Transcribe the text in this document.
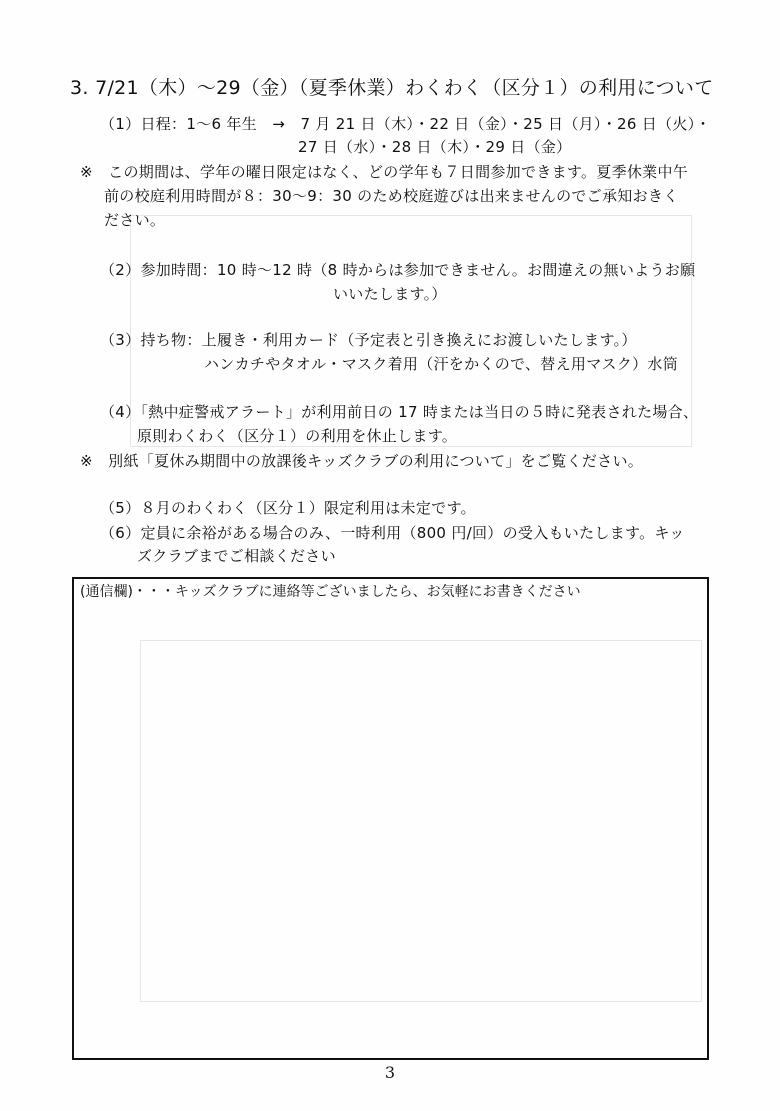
3. 7/21（木）～29（金）（夏季休業）わくわく（区分１）の利用について
（1）日程：1～6 年生　→　7 月 21 日（木）・22 日（金）・25 日（月）・26 日（火）・
27 日（水）・28 日（木）・29 日（金）
※　この期間は、学年の曜日限定はなく、どの学年も７日間参加できます。夏季休業中午
前の校庭利用時間が８：30～9：30 のため校庭遊びは出来ませんのでご承知おきく
ださい。
（2）参加時間：10 時～12 時（8 時からは参加できません。お間違えの無いようお願
いいたします。）
（3）持ち物：上履き・利用カード（予定表と引き換えにお渡しいたします。）
ハンカチやタオル・マスク着用（汗をかくので、替え用マスク）水筒
（4）「熱中症警戒アラート」が利用前日の 17 時または当日の５時に発表された場合、
原則わくわく（区分１）の利用を休止します。
※　別紙「夏休み期間中の放課後キッズクラブの利用について」をご覧ください。
（5）８月のわくわく（区分１）限定利用は未定です。
（6）定員に余裕がある場合のみ、一時利用（800 円/回）の受入もいたします。キッ
ズクラブまでご相談ください
(通信欄)・・・キッズクラブに連絡等ございましたら、お気軽にお書きください
3
